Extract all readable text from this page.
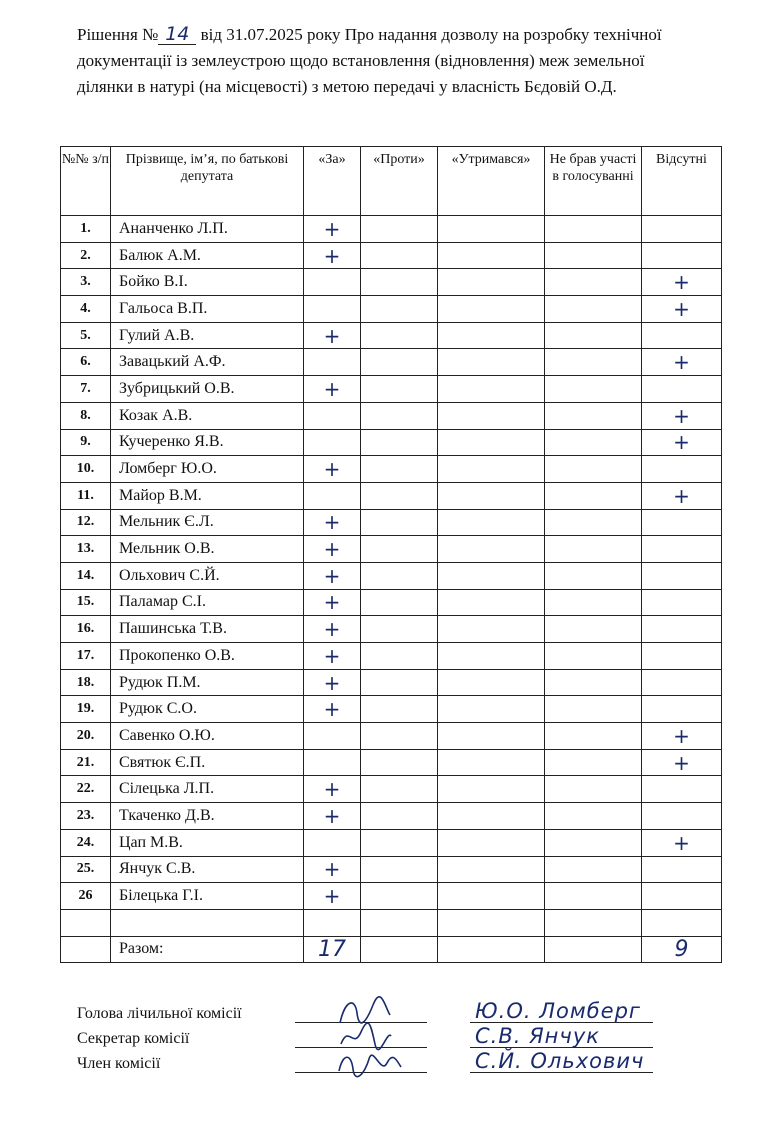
Рішення № 14 від 31.07.2025 року Про надання дозволу на розробку технічної
документації із землеустрою щодо встановлення (відновлення) меж земельної
ділянки в натурі (на місцевості) з метою передачі у власність Бєдовій О.Д.
№№ з/п	Прізвище, ім’я, по батькові депутата	«За»	«Проти»	«Утримався»	Не брав участі в голосуванні	Відсутні
1.	Ананченко Л.П.	+				
2.	Балюк А.М.	+				
3.	Бойко В.І.					+
4.	Гальоса В.П.					+
5.	Гулий А.В.	+				
6.	Завацький А.Ф.					+
7.	Зубрицький О.В.	+				
8.	Козак А.В.					+
9.	Кучеренко Я.В.					+
10.	Ломберг Ю.О.	+				
11.	Майор В.М.					+
12.	Мельник Є.Л.	+				
13.	Мельник О.В.	+				
14.	Ольхович С.Й.	+				
15.	Паламар С.І.	+				
16.	Пашинська Т.В.	+				
17.	Прокопенко О.В.	+				
18.	Рудюк П.М.	+				
19.	Рудюк С.О.	+				
20.	Савенко О.Ю.					+
21.	Святюк Є.П.					+
22.	Сілецька Л.П.	+				
23.	Ткаченко Д.В.	+				
24.	Цап М.В.					+
25.	Янчук С.В.	+				
26	Білецька Г.І.	+				

	Разом:	17				9
Голова лічильної комісії	Ю.О. Ломберг
Секретар комісії	С.В. Янчук
Член комісії	С.Й. Ольхович
